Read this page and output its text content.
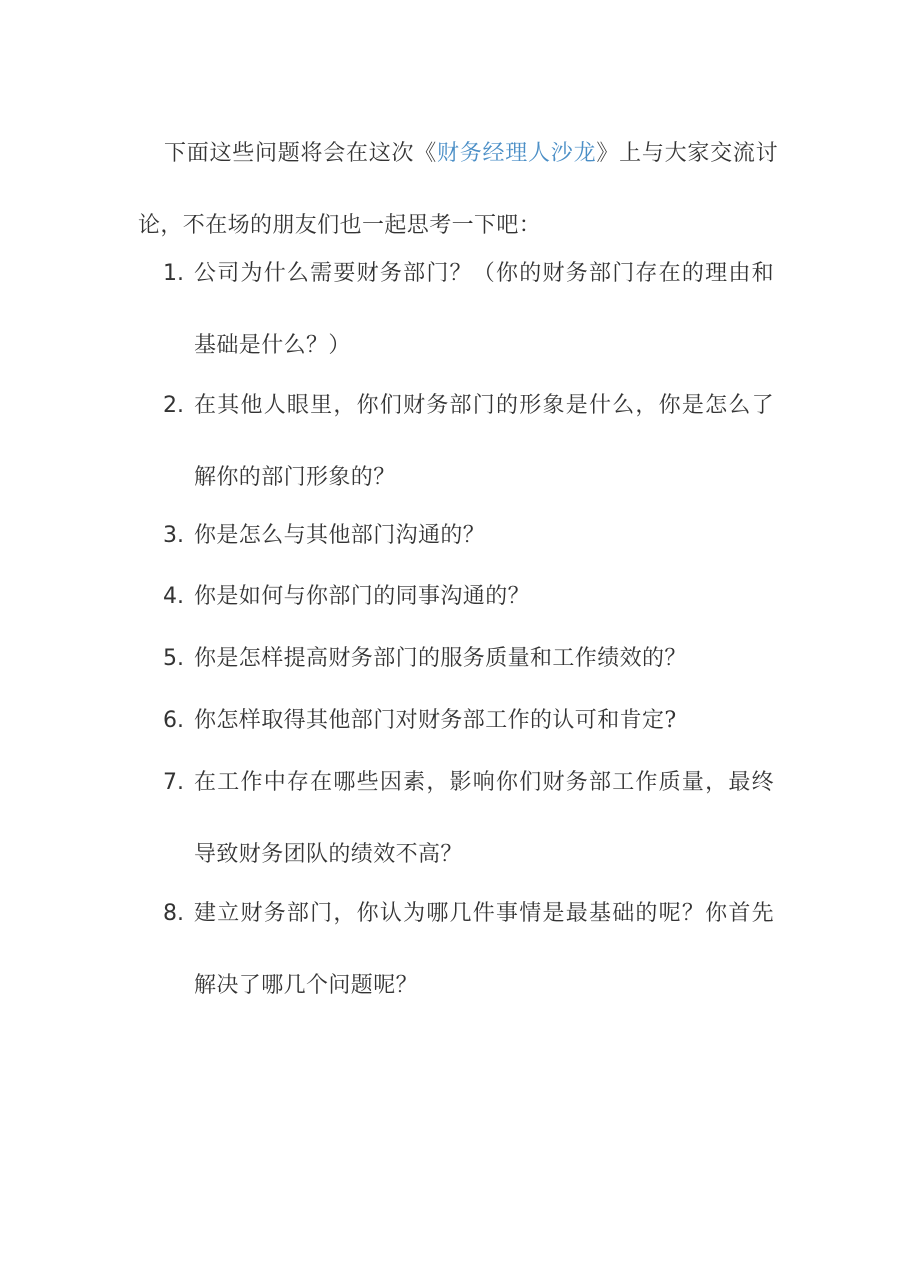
下面这些问题将会在这次《财务经理人沙龙》上与大家交流讨论，不在场的朋友们也一起思考一下吧：

1. 公司为什么需要财务部门？（你的财务部门存在的理由和基础是什么？）
2. 在其他人眼里，你们财务部门的形象是什么，你是怎么了解你的部门形象的？
3. 你是怎么与其他部门沟通的？
4. 你是如何与你部门的同事沟通的？
5. 你是怎样提高财务部门的服务质量和工作绩效的？
6. 你怎样取得其他部门对财务部工作的认可和肯定?
7. 在工作中存在哪些因素，影响你们财务部工作质量，最终导致财务团队的绩效不高？
8. 建立财务部门，你认为哪几件事情是最基础的呢？你首先解决了哪几个问题呢？
